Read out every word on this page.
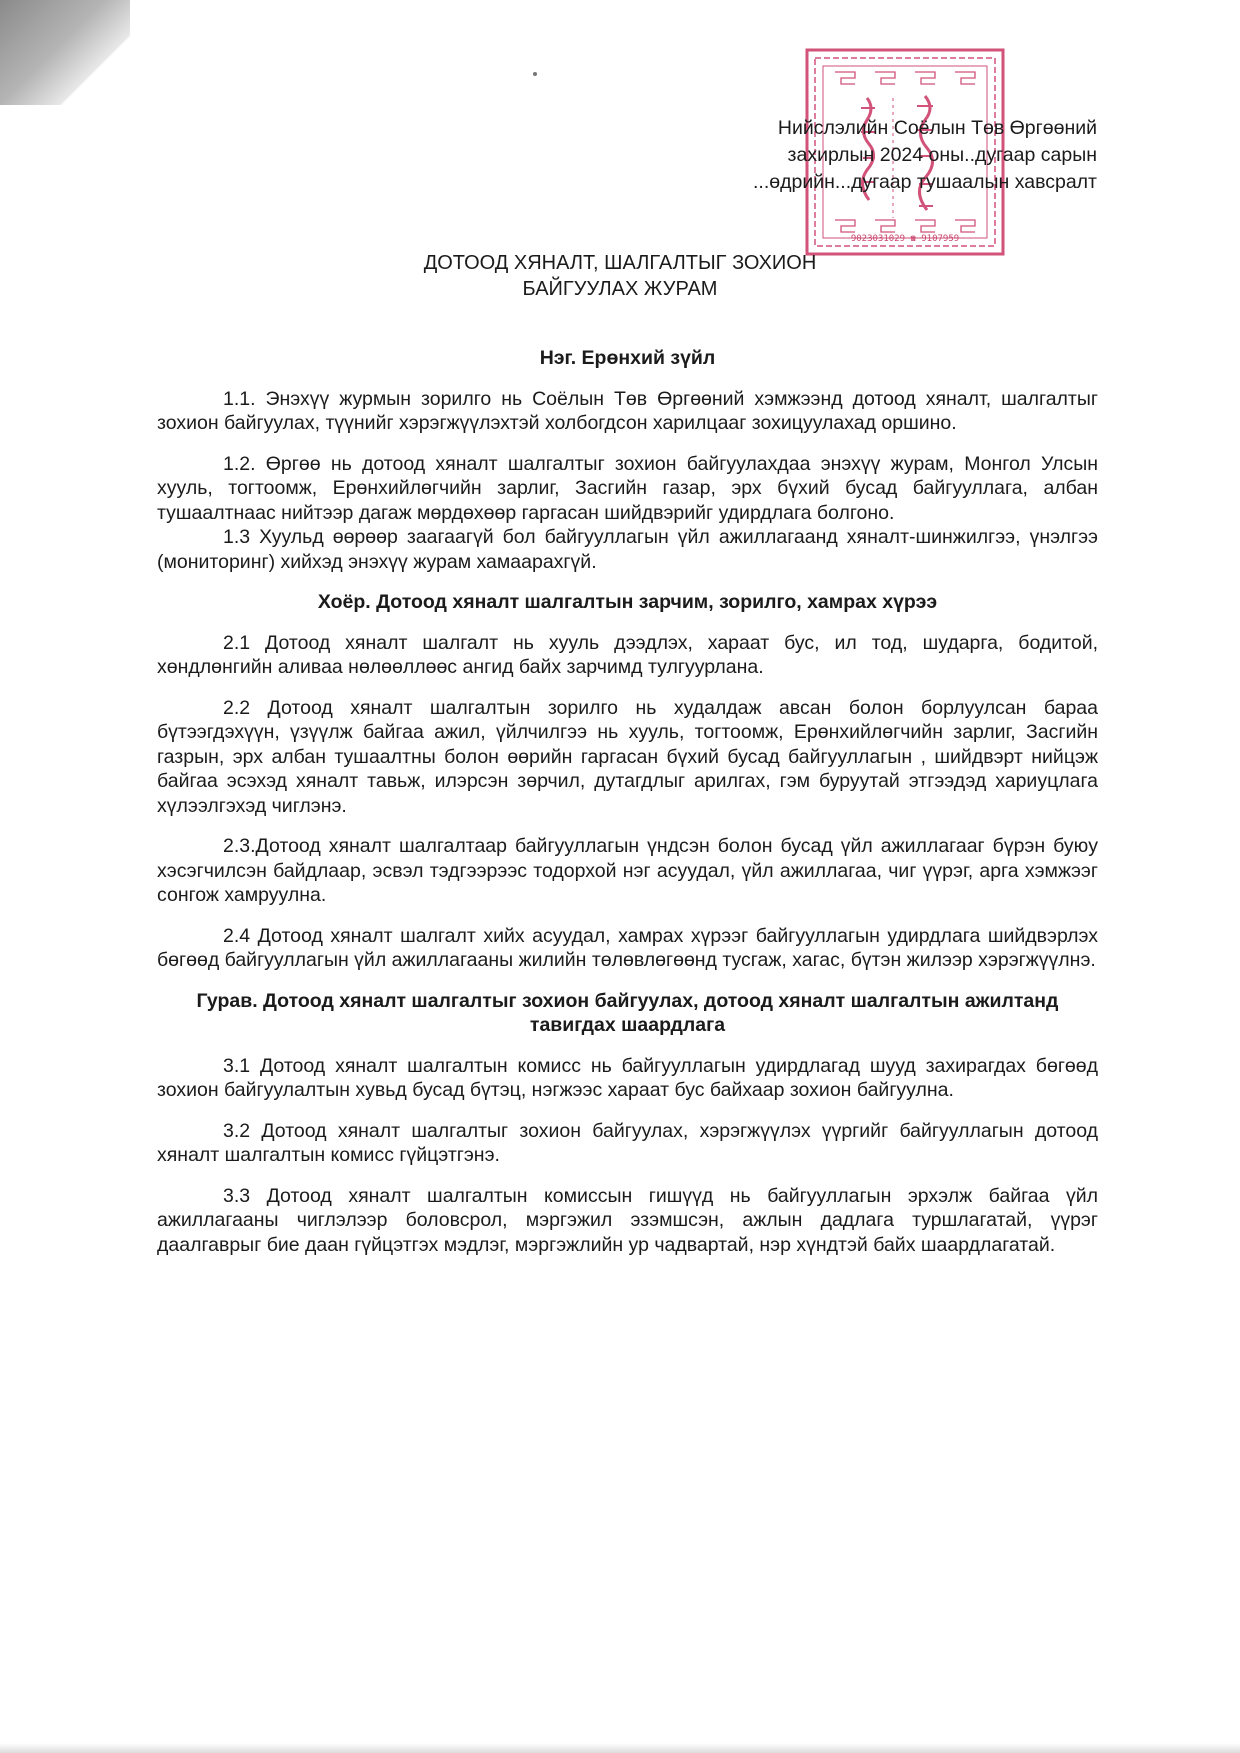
9023031029 ☎ 9107959
Нийслэлийн Соёлын Төв Өргөөний
захирлын 2024 оны..дугаар сарын
...өдрийн...дугаар тушаалын хавсралт
ДОТООД ХЯНАЛТ, ШАЛГАЛТЫГ ЗОХИОН
БАЙГУУЛАХ ЖУРАМ
Нэг. Ерөнхий зүйл

1.1. Энэхүү журмын зорилго нь Соёлын Төв Өргөөний хэмжээнд дотоод хяналт, шалгалтыг зохион байгуулах, түүнийг хэрэгжүүлэхтэй холбогдсон харилцааг зохицуулахад оршино.

1.2. Өргөө нь дотоод хяналт шалгалтыг зохион байгуулахдаа энэхүү журам, Монгол Улсын хууль, тогтоомж, Ерөнхийлөгчийн зарлиг, Засгийн газар, эрх бүхий бусад байгууллага, албан тушаалтнаас нийтээр дагаж мөрдөхөөр гаргасан шийдвэрийг удирдлага болгоно.

1.3 Хуульд өөрөөр заагаагүй бол байгууллагын үйл ажиллагаанд хяналт-шинжилгээ, үнэлгээ (мониторинг) хийхэд энэхүү журам хамаарахгүй.

Хоёр. Дотоод хяналт шалгалтын зарчим, зорилго, хамрах хүрээ

2.1 Дотоод хяналт шалгалт нь хууль дээдлэх, хараат бус, ил тод, шударга, бодитой, хөндлөнгийн аливаа нөлөөллөөс ангид байх зарчимд тулгуурлана.

2.2 Дотоод хяналт шалгалтын зорилго нь худалдаж авсан болон борлуулсан бараа бүтээгдэхүүн, үзүүлж байгаа ажил, үйлчилгээ нь хууль, тогтоомж, Ерөнхийлөгчийн зарлиг, Засгийн газрын, эрх албан тушаалтны болон өөрийн гаргасан бүхий бусад байгууллагын , шийдвэрт нийцэж байгаа эсэхэд хяналт тавьж, илэрсэн зөрчил, дутагдлыг арилгах, гэм буруутай этгээдэд хариуцлага хүлээлгэхэд чиглэнэ.

2.3.Дотоод хяналт шалгалтаар байгууллагын үндсэн болон бусад үйл ажиллагааг бүрэн буюу хэсэгчилсэн байдлаар, эсвэл тэдгээрээс тодорхой нэг асуудал, үйл ажиллагаа, чиг үүрэг, арга хэмжээг сонгож хамруулна.

2.4 Дотоод хяналт шалгалт хийх асуудал, хамрах хүрээг байгууллагын удирдлага шийдвэрлэх бөгөөд байгууллагын үйл ажиллагааны жилийн төлөвлөгөөнд тусгаж, хагас, бүтэн жилээр хэрэгжүүлнэ.

Гурав. Дотоод хяналт шалгалтыг зохион байгуулах, дотоод хяналт шалгалтын ажилтанд тавигдах шаардлага

3.1 Дотоод хяналт шалгалтын комисс нь байгууллагын удирдлагад шууд захирагдах бөгөөд зохион байгуулалтын хувьд бусад бүтэц, нэгжээс хараат бус байхаар зохион байгуулна.

3.2 Дотоод хяналт шалгалтыг зохион байгуулах, хэрэгжүүлэх үүргийг байгууллагын дотоод хяналт шалгалтын комисс гүйцэтгэнэ.

3.3 Дотоод хяналт шалгалтын комиссын гишүүд нь байгууллагын эрхэлж байгаа үйл ажиллагааны чиглэлээр боловсрол, мэргэжил эзэмшсэн, ажлын дадлага туршлагатай, үүрэг даалгаврыг бие даан гүйцэтгэх мэдлэг, мэргэжлийн ур чадвартай, нэр хүндтэй байх шаардлагатай.
